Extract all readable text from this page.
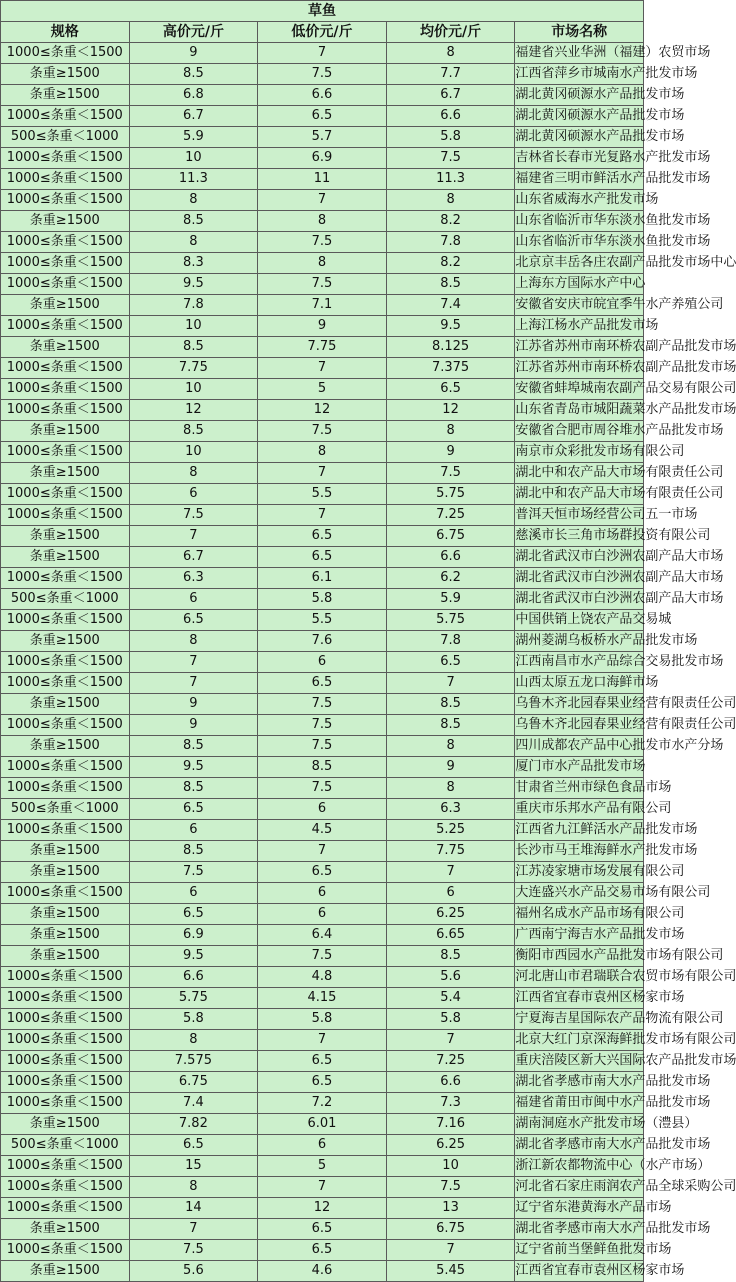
草鱼				
规格	高价元/斤	低价元/斤	均价元/斤	市场名称
1000≤条重＜1500	9	7	8	福建省兴业华洲（福建）农贸市场
条重≥1500	8.5	7.5	7.7	江西省萍乡市城南水产批发市场
条重≥1500	6.8	6.6	6.7	湖北黄冈硕源水产品批发市场
1000≤条重＜1500	6.7	6.5	6.6	湖北黄冈硕源水产品批发市场
500≤条重＜1000	5.9	5.7	5.8	湖北黄冈硕源水产品批发市场
1000≤条重＜1500	10	6.9	7.5	吉林省长春市光复路水产批发市场
1000≤条重＜1500	11.3	11	11.3	福建省三明市鲜活水产品批发市场
1000≤条重＜1500	8	7	8	山东省威海水产批发市场
条重≥1500	8.5	8	8.2	山东省临沂市华东淡水鱼批发市场
1000≤条重＜1500	8	7.5	7.8	山东省临沂市华东淡水鱼批发市场
1000≤条重＜1500	8.3	8	8.2	北京京丰岳各庄农副产品批发市场中心
1000≤条重＜1500	9.5	7.5	8.5	上海东方国际水产中心
条重≥1500	7.8	7.1	7.4	安徽省安庆市皖宜季牛水产养殖公司
1000≤条重＜1500	10	9	9.5	上海江杨水产品批发市场
条重≥1500	8.5	7.75	8.125	江苏省苏州市南环桥农副产品批发市场
1000≤条重＜1500	7.75	7	7.375	江苏省苏州市南环桥农副产品批发市场
1000≤条重＜1500	10	5	6.5	安徽省蚌埠城南农副产品交易有限公司
1000≤条重＜1500	12	12	12	山东省青岛市城阳蔬菜水产品批发市场
条重≥1500	8.5	7.5	8	安徽省合肥市周谷堆水产品批发市场
1000≤条重＜1500	10	8	9	南京市众彩批发市场有限公司
条重≥1500	8	7	7.5	湖北中和农产品大市场有限责任公司
1000≤条重＜1500	6	5.5	5.75	湖北中和农产品大市场有限责任公司
1000≤条重＜1500	7.5	7	7.25	普洱天恒市场经营公司五一市场
条重≥1500	7	6.5	6.75	慈溪市长三角市场群投资有限公司
条重≥1500	6.7	6.5	6.6	湖北省武汉市白沙洲农副产品大市场
1000≤条重＜1500	6.3	6.1	6.2	湖北省武汉市白沙洲农副产品大市场
500≤条重＜1000	6	5.8	5.9	湖北省武汉市白沙洲农副产品大市场
1000≤条重＜1500	6.5	5.5	5.75	中国供销上饶农产品交易城
条重≥1500	8	7.6	7.8	湖州菱湖乌板桥水产品批发市场
1000≤条重＜1500	7	6	6.5	江西南昌市水产品综合交易批发市场
1000≤条重＜1500	7	6.5	7	山西太原五龙口海鲜市场
条重≥1500	9	7.5	8.5	乌鲁木齐北园春果业经营有限责任公司
1000≤条重＜1500	9	7.5	8.5	乌鲁木齐北园春果业经营有限责任公司
条重≥1500	8.5	7.5	8	四川成都农产品中心批发市水产分场
1000≤条重＜1500	9.5	8.5	9	厦门市水产品批发市场
1000≤条重＜1500	8.5	7.5	8	甘肃省兰州市绿色食品市场
500≤条重＜1000	6.5	6	6.3	重庆市乐邦水产品有限公司
1000≤条重＜1500	6	4.5	5.25	江西省九江鲜活水产品批发市场
条重≥1500	8.5	7	7.75	长沙市马王堆海鲜水产批发市场
条重≥1500	7.5	6.5	7	江苏凌家塘市场发展有限公司
1000≤条重＜1500	6	6	6	大连盛兴水产品交易市场有限公司
条重≥1500	6.5	6	6.25	福州名成水产品市场有限公司
条重≥1500	6.9	6.4	6.65	广西南宁海吉水产品批发市场
条重≥1500	9.5	7.5	8.5	衡阳市西园水产品批发市场有限公司
1000≤条重＜1500	6.6	4.8	5.6	河北唐山市君瑞联合农贸市场有限公司
1000≤条重＜1500	5.75	4.15	5.4	江西省宜春市袁州区杨家市场
1000≤条重＜1500	5.8	5.8	5.8	宁夏海吉星国际农产品物流有限公司
1000≤条重＜1500	8	7	7	北京大红门京深海鲜批发市场有限公司
1000≤条重＜1500	7.575	6.5	7.25	重庆涪陵区新大兴国际农产品批发市场
1000≤条重＜1500	6.75	6.5	6.6	湖北省孝感市南大水产品批发市场
1000≤条重＜1500	7.4	7.2	7.3	福建省莆田市闽中水产品批发市场
条重≥1500	7.82	6.01	7.16	湖南洞庭水产批发市场（澧县）
500≤条重＜1000	6.5	6	6.25	湖北省孝感市南大水产品批发市场
1000≤条重＜1500	15	5	10	浙江新农都物流中心（水产市场）
1000≤条重＜1500	8	7	7.5	河北省石家庄雨润农产品全球采购公司
1000≤条重＜1500	14	12	13	辽宁省东港黄海水产品市场
条重≥1500	7	6.5	6.75	湖北省孝感市南大水产品批发市场
1000≤条重＜1500	7.5	6.5	7	辽宁省前当堡鲜鱼批发市场
条重≥1500	5.6	4.6	5.45	江西省宜春市袁州区杨家市场
